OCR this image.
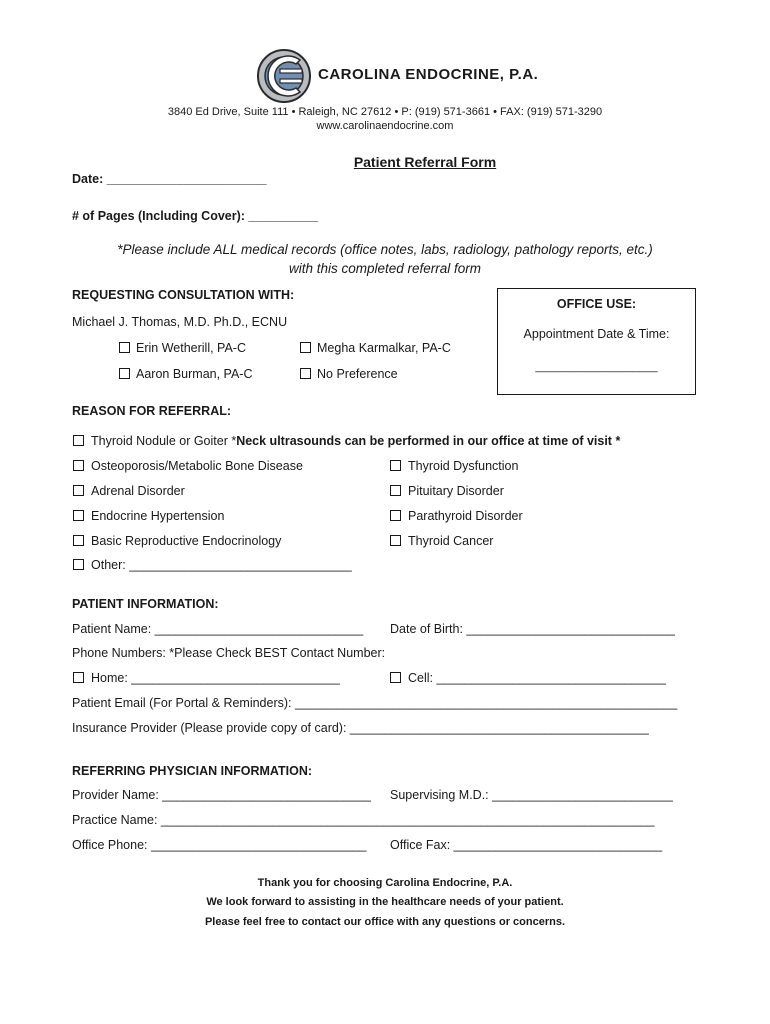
CAROLINA ENDOCRINE, P.A.
3840 Ed Drive, Suite 111 • Raleigh, NC 27612 • P: (919) 571-3661 • FAX: (919) 571-3290
www.carolinaendocrine.com
Patient Referral Form
Date: _______________________
# of Pages (Including Cover): __________
*Please include ALL medical records (office notes, labs, radiology, pathology reports, etc.)
with this completed referral form
REQUESTING CONSULTATION WITH:
Michael J. Thomas, M.D. Ph.D., ECNU
Erin Wetherill, PA-C	Megha Karmalkar, PA-C
Aaron Burman, PA-C	No Preference
OFFICE USE:
Appointment Date & Time:
____________________
REASON FOR REFERRAL:
Thyroid Nodule or Goiter *Neck ultrasounds can be performed in our office at time of visit *
Osteoporosis/Metabolic Bone Disease	Thyroid Dysfunction
Adrenal Disorder	Pituitary Disorder
Endocrine Hypertension	Parathyroid Disorder
Basic Reproductive Endocrinology	Thyroid Cancer
Other: ________________________________
PATIENT INFORMATION:
Patient Name: ______________________________ Date of Birth: ______________________________
Phone Numbers: *Please Check BEST Contact Number:
Home: ______________________________	Cell: _________________________________
Patient Email (For Portal & Reminders): _______________________________________________________
Insurance Provider (Please provide copy of card): ___________________________________________
REFERRING PHYSICIAN INFORMATION:
Provider Name: ______________________________ Supervising M.D.: __________________________
Practice Name: _______________________________________________________________________
Office Phone: _______________________________ Office Fax: ______________________________
Thank you for choosing Carolina Endocrine, P.A.
We look forward to assisting in the healthcare needs of your patient.
Please feel free to contact our office with any questions or concerns.
